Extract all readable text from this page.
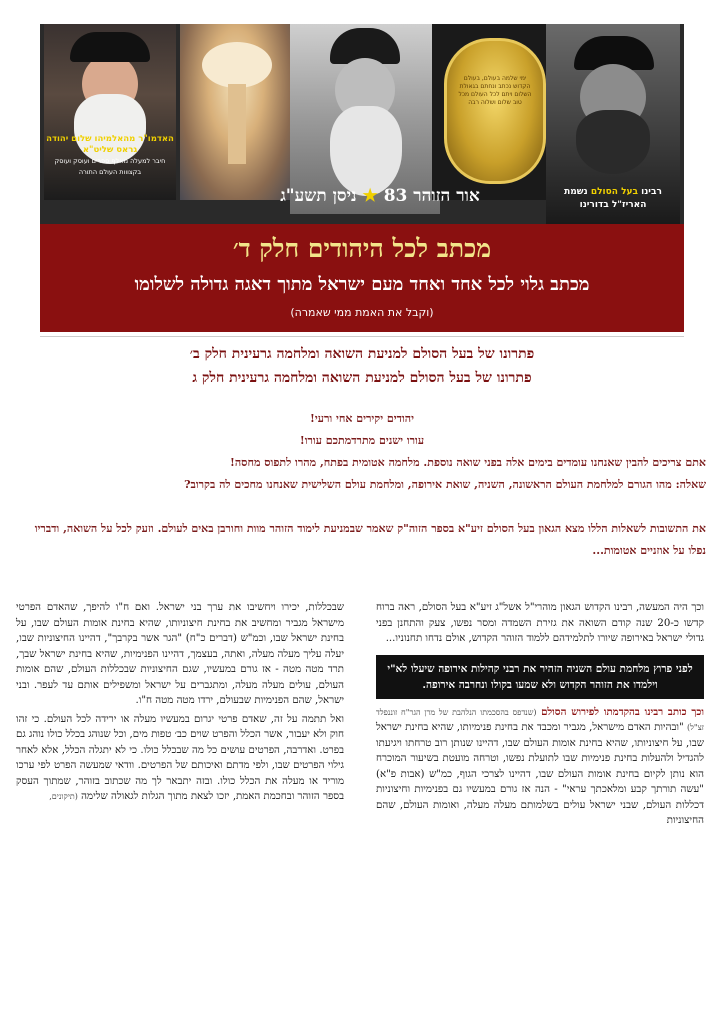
האדמו"ר מהאלמיהו שלום יהודה גראס שליט"א
חיבר למעלה מאלף ספרים ועוסק ועוסק בקצווות העולם התורה
ימי שלמה בעולם, בעולם הקדוש נכתב ונחתם בגאולת השלום ויתם לכל העולם מכל טוב שלום ושלוה רבה
רבינו בעל הסולם נשמת
האריז"ל בדורינו
אור הזוהר 83 ★ ניסן תשע"ג
מכתב לכל היהודים חלק ד׳
מכתב גלוי לכל אחד ואחד מעם ישראל מתוך דאגה גדולה לשלומו
(וקבל את האמת ממי שאמרה)
פתרונו של בעל הסולם למניעת השואה ומלחמה גרעינית חלק ב׳
פתרונו של בעל הסולם למניעת השואה ומלחמה גרעינית חלק ג
יהודים יקירים אחי ורעי!
עורו ישנים מתרדמתכם עורו!
אתם צריכים להבין שאנחנו עומדים בימים אלה בפני שואה נוספת. מלחמה אטומית בפתח, מהרו לתפוס מחסה!
שאלה: מהו הגורם למלחמת העולם הראשונה, השניה, שואת אירופה, ומלחמת עולם השלישית שאנחנו מחכים לה בקרוב?
את התשובות לשאלות הללו מצא הגאון בעל הסולם זיע"א בספר הזוה"ק שאמר שבמניעת לימוד הזוהר מוות וחורבן באים לעולם. וזעק לכל על השואה, ודבריו נפלו על אוזניים אטומות...

וכך היה המעשה, רבינו הקדוש הגאון מוהרי"ל אשל"ג זיע"א בעל הסולם, ראה ברוח קדשו כ-20 שנה קודם השואה את גזירת השמדה ומסר נפשו, צעק והתחנן בפני גדולי ישראל באירופה שיורו לתלמידהם ללמוד הזוהר הקדוש, אולם נדחו תחנוניו...

לפני פרוץ מלחמת עולם השניה הזהיר את רבני קהילות אירופה שיעלו לא"י וילמדו את הזוהר הקדוש ולא שמעו בקולו ונחרבה אירופה.

וכך כותב רבינו בהקדמתו לפירוש הסולם (שנדפס בהסכמתו הנלהבת של מרן הגר"ח זוננפלד זצ"ל) "ובהיות האדם מישראל, מגביר ומכבד את בחינת פנימיותו, שהיא בחינת ישראל שבו, על חיצוניותו, שהיא בחינת אומות העולם שבו, דהיינו שנותן רוב טרחתו ויגיעתו להגדיל ולהעלות בחינת פנימיות שבו לתועלת נפשו, וטרחה מועטת בשיעור המוכרח הוא נותן לקיום בחינת אומות העולם שבו, דהיינו לצרכי הגוף, כמ"ש (אבות פ"א) "עשה תורתך קבע ומלאכתך עראי" - הנה אז גורם במעשיו גם בפנימיות וחיצוניות דכללות העולם, שבני ישראל עולים בשלמותם מעלה מעלה, ואומות העולם, שהם החיצוניות

שבכללות, יכירו ויחשיבו את ערך בני ישראל. ואם ח"ו להיפך, שהאדם הפרטי מישראל מגביר ומחשיב את בחינת חיצוניותו, שהיא בחינת אומות העולם שבו, על בחינת ישראל שבו, וכמ"ש (דברים כ"ח) "הגר אשר בקרבך", דהיינו החיצוניות שבו, יעלה עליך מעלה מעלה, ואתה, בעצמך, דהיינו הפנימיות, שהיא בחינת ישראל שבך, תרד מטה מטה - אז גורם במעשיו, שגם החיצוניות שבכללות העולם, שהם אומות העולם, עולים מעלה מעלה, ומתגברים על ישראל ומשפילים אותם עד לעפר. ובני ישראל, שהם הפנימיות שבעולם, ירדו מטה מטה ח"ו.

ואל תתמה על זה, שאדם פרטי יגרום במעשיו מעלה או ירידה לכל העולם. כי זהו חוק ולא יעבור, אשר הכלל והפרט שוים כב׳ טפות מים, וכל שנוהג בכלל כולו נוהג גם בפרט. ואדרבה, הפרטים עושים כל מה שבכלל כולו. כי לא יתגלה הכלל, אלא לאחר גילוי הפרטים שבו, ולפי מדתם ואיכותם של הפרטים. וודאי שמעשה הפרט לפי ערכו מוריד או מעלה את הכלל כולו. ובזה יתבאר לך מה שכתוב בזוהר, שמתוך העסק בספר הזוהר ובחכמת האמת, יזכו לצאת מתוך הגלות לגאולה שלימה (תיקונים,
